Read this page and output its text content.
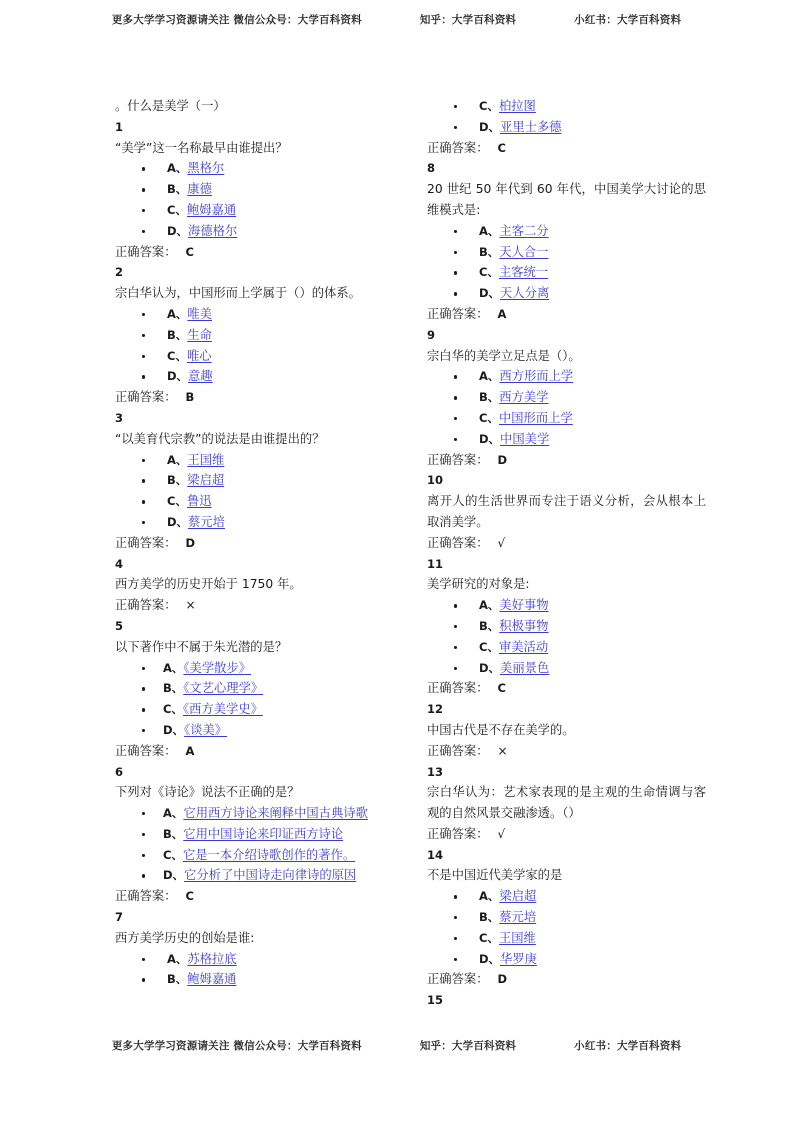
更多大学学习资源请关注 微信公众号：大学百科资料	知乎：大学百科资料	小红书：大学百科资料

。什么是美学（一）

1

“美学”这一名称最早由谁提出？

A、黑格尔
B、康德
C、鲍姆嘉通
D、海德格尔

正确答案： C

2

宗白华认为，中国形而上学属于（）的体系。

A、唯美
B、生命
C、唯心
D、意趣

正确答案： B

3

“以美育代宗教”的说法是由谁提出的？

A、王国维
B、梁启超
C、鲁迅
D、蔡元培

正确答案： D

4

西方美学的历史开始于 1750 年。

正确答案： ×

5

以下著作中不属于朱光潜的是？

A、《美学散步》
B、《文艺心理学》
C、《西方美学史》
D、《谈美》

正确答案： A

6

下列对《诗论》说法不正确的是？

A、它用西方诗论来阐释中国古典诗歌
B、它用中国诗论来印证西方诗论
C、它是一本介绍诗歌创作的著作。
D、它分析了中国诗走向律诗的原因

正确答案： C

7

西方美学历史的创始是谁:

A、苏格拉底
B、鲍姆嘉通
C、柏拉图
D、亚里士多德

正确答案： C

8

20 世纪 50 年代到 60 年代，中国美学大讨论的思维模式是:

A、主客二分
B、天人合一
C、主客统一
D、天人分离

正确答案： A

9

宗白华的美学立足点是（）。

A、西方形而上学
B、西方美学
C、中国形而上学
D、中国美学

正确答案： D

10

离开人的生活世界而专注于语义分析，会从根本上取消美学。

正确答案： √

11

美学研究的对象是:

A、美好事物
B、积极事物
C、审美活动
D、美丽景色

正确答案： C

12

中国古代是不存在美学的。

正确答案： ×

13

宗白华认为：艺术家表现的是主观的生命情调与客观的自然风景交融渗透。（）

正确答案： √

14

不是中国近代美学家的是

A、梁启超
B、蔡元培
C、王国维
D、华罗庚

正确答案： D

15

更多大学学习资源请关注 微信公众号：大学百科资料	知乎：大学百科资料	小红书：大学百科资料
